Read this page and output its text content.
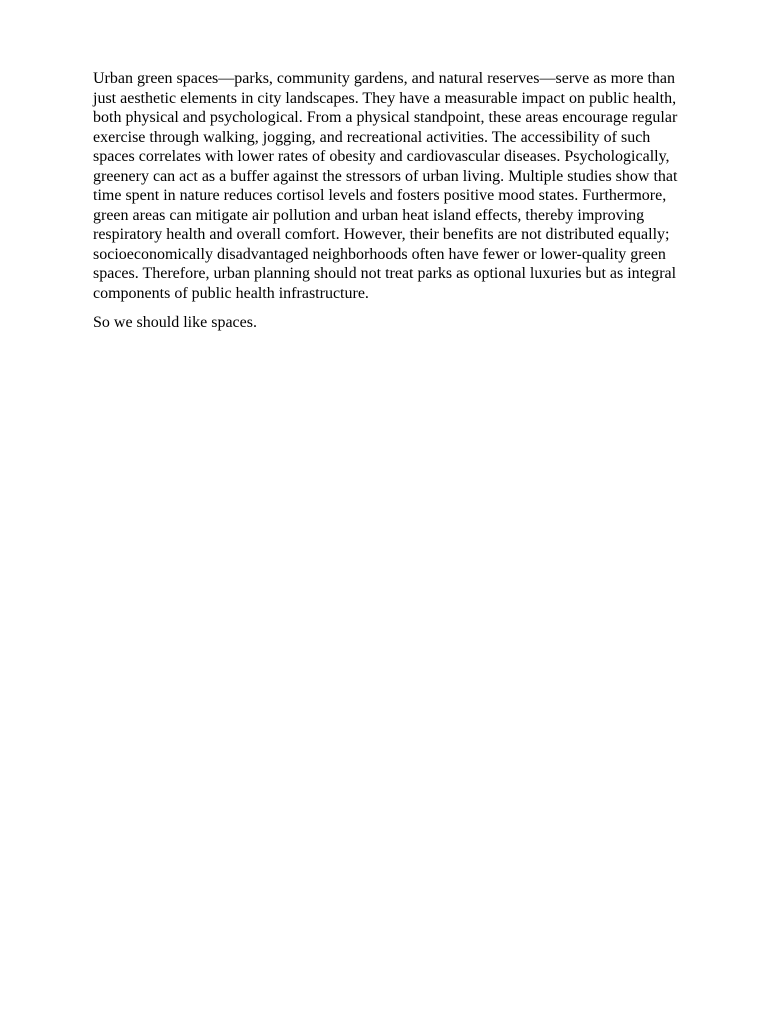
Urban green spaces—parks, community gardens, and natural reserves—serve as more than just aesthetic elements in city landscapes. They have a measurable impact on public health, both physical and psychological. From a physical standpoint, these areas encourage regular exercise through walking, jogging, and recreational activities. The accessibility of such spaces correlates with lower rates of obesity and cardiovascular diseases. Psychologically, greenery can act as a buffer against the stressors of urban living. Multiple studies show that time spent in nature reduces cortisol levels and fosters positive mood states. Furthermore, green areas can mitigate air pollution and urban heat island effects, thereby improving respiratory health and overall comfort. However, their benefits are not distributed equally; socioeconomically disadvantaged neighborhoods often have fewer or lower-quality green spaces. Therefore, urban planning should not treat parks as optional luxuries but as integral components of public health infrastructure.

So we should like spaces.
